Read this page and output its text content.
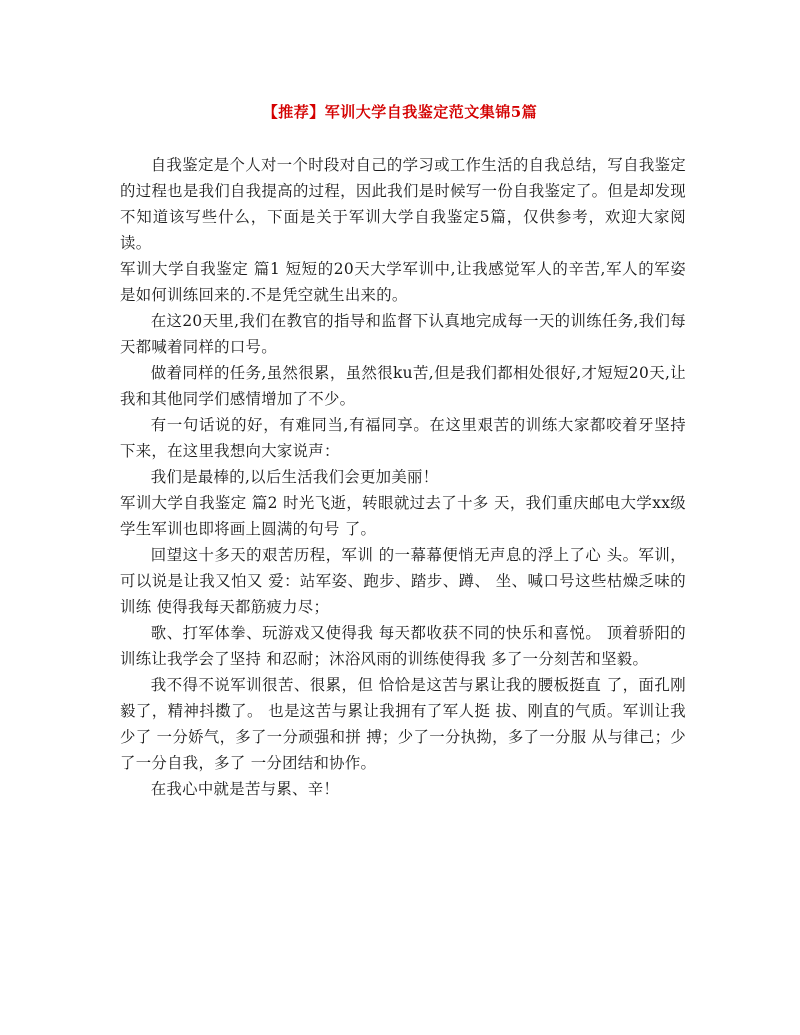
【推荐】军训大学自我鉴定范文集锦5篇

自我鉴定是个人对一个时段对自己的学习或工作生活的自我总结，写自我鉴定的过程也是我们自我提高的过程，因此我们是时候写一份自我鉴定了。但是却发现不知道该写些什么，下面是关于军训大学自我鉴定5篇，仅供参考，欢迎大家阅读。

军训大学自我鉴定 篇1 短短的20天大学军训中,让我感觉军人的辛苦,军人的军姿是如何训练回来的.不是凭空就生出来的。

在这20天里,我们在教官的指导和监督下认真地完成每一天的训练任务,我们每天都喊着同样的口号。

做着同样的任务,虽然很累，虽然很ku苦,但是我们都相处很好,才短短20天,让我和其他同学们感情增加了不少。

有一句话说的好，有难同当,有福同享。在这里艰苦的训练大家都咬着牙坚持下来，在这里我想向大家说声：

我们是最棒的,以后生活我们会更加美丽！

军训大学自我鉴定 篇2 时光飞逝，转眼就过去了十多 天，我们重庆邮电大学xx级 学生军训也即将画上圆满的句号 了。

回望这十多天的艰苦历程，军训 的一幕幕便悄无声息的浮上了心 头。军训，可以说是让我又怕又 爱：站军姿、跑步、踏步、蹲、 坐、喊口号这些枯燥乏味的训练 使得我每天都筋疲力尽；

歌、打军体拳、玩游戏又使得我 每天都收获不同的快乐和喜悦。 顶着骄阳的训练让我学会了坚持 和忍耐；沐浴风雨的训练使得我 多了一分刻苦和坚毅。

我不得不说军训很苦、很累，但 恰恰是这苦与累让我的腰板挺直 了，面孔刚毅了，精神抖擞了。 也是这苦与累让我拥有了军人挺 拔、刚直的气质。军训让我少了 一分娇气，多了一分顽强和拼 搏；少了一分执拗，多了一分服 从与律己；少了一分自我，多了 一分团结和协作。

在我心中就是苦与累、辛！
